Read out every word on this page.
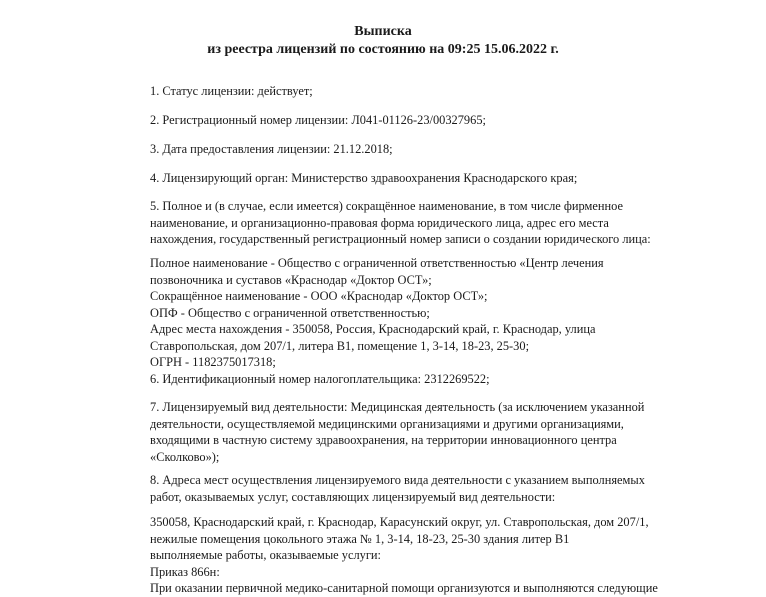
Выписка
из реестра лицензий по состоянию на 09:25 15.06.2022 г.
1. Статус лицензии: действует;
2. Регистрационный номер лицензии: Л041-01126-23/00327965;
3. Дата предоставления лицензии: 21.12.2018;
4. Лицензирующий орган: Министерство здравоохранения Краснодарского края;
5. Полное и (в случае, если имеется) сокращённое наименование, в том числе фирменное
наименование, и организационно-правовая форма юридического лица, адрес его места
нахождения, государственный регистрационный номер записи о создании юридического лица:
Полное наименование - Общество с ограниченной ответственностью «Центр лечения
позвоночника и суставов «Краснодар «Доктор ОСТ»;
Сокращённое наименование - ООО «Краснодар «Доктор ОСТ»;
ОПФ - Общество с ограниченной ответственностью;
Адрес места нахождения - 350058, Россия, Краснодарский край, г. Краснодар, улица
Ставропольская, дом 207/1, литера В1, помещение 1, 3-14, 18-23, 25-30;
ОГРН - 1182375017318;
6. Идентификационный номер налогоплательщика: 2312269522;
7. Лицензируемый вид деятельности: Медицинская деятельность (за исключением указанной
деятельности, осуществляемой медицинскими организациями и другими организациями,
входящими в частную систему здравоохранения, на территории инновационного центра
«Сколково»);
8. Адреса мест осуществления лицензируемого вида деятельности с указанием выполняемых
работ, оказываемых услуг, составляющих лицензируемый вид деятельности:
350058, Краснодарский край, г. Краснодар, Карасунский округ, ул. Ставропольская, дом 207/1,
нежилые помещения цокольного этажа № 1, 3-14, 18-23, 25-30 здания литер В1
выполняемые работы, оказываемые услуги:
Приказ 866н:
При оказании первичной медико-санитарной помощи организуются и выполняются следующие
